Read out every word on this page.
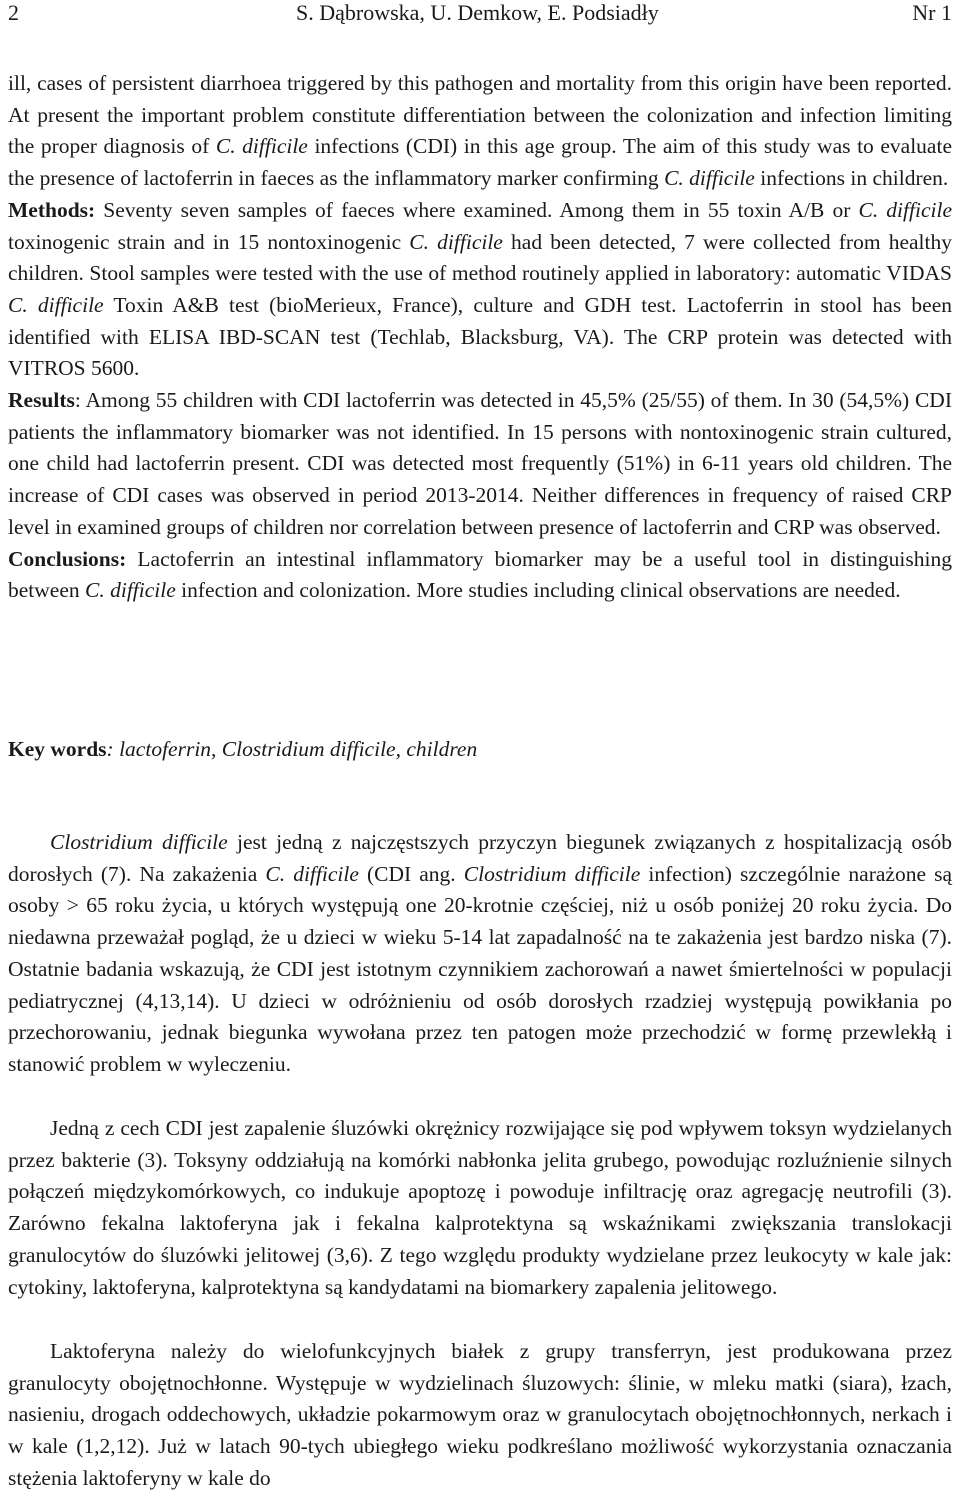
2	S. Dąbrowska, U. Demkow, E. Podsiadły	Nr 1

ill, cases of persistent diarrhoea triggered by this pathogen and mortality from this origin have been reported. At present the important problem constitute differentiation between the colonization and infection limiting the proper diagnosis of C. difficile infections (CDI) in this age group. The aim of this study was to evaluate the presence of lactoferrin in faeces as the inflammatory marker confirming C. difficile infections in children.
Methods: Seventy seven samples of faeces where examined. Among them in 55 toxin A/B or C. difficile toxinogenic strain and in 15 nontoxinogenic C. difficile had been detected, 7 were collected from healthy children. Stool samples were tested with the use of method routinely applied in laboratory: automatic VIDAS C. difficile Toxin A&B test (bioMerieux, France), culture and GDH test. Lactoferrin in stool has been identified with ELISA IBD-SCAN test (Techlab, Blacksburg, VA). The CRP protein was detected with VITROS 5600.
Results: Among 55 children with CDI lactoferrin was detected in 45,5% (25/55) of them. In 30 (54,5%) CDI patients the inflammatory biomarker was not identified. In 15 persons with nontoxinogenic strain cultured, one child had lactoferrin present. CDI was detected most frequently (51%) in 6-11 years old children. The increase of CDI cases was observed in period 2013-2014. Neither differences in frequency of raised CRP level in examined groups of children nor correlation between presence of lactoferrin and CRP was observed.
Conclusions: Lactoferrin an intestinal inflammatory biomarker may be a useful tool in distinguishing between C. difficile infection and colonization. More studies including clinical observations are needed.

Key words: lactoferrin, Clostridium difficile, children

Clostridium difficile jest jedną z najczęstszych przyczyn biegunek związanych z hospitalizacją osób dorosłych (7). Na zakażenia C. difficile (CDI ang. Clostridium difficile infection) szczególnie narażone są osoby > 65 roku życia, u których występują one 20-krotnie częściej, niż u osób poniżej 20 roku życia. Do niedawna przeważał pogląd, że u dzieci w wieku 5-14 lat zapadalność na te zakażenia jest bardzo niska (7). Ostatnie badania wskazują, że CDI jest istotnym czynnikiem zachorowań a nawet śmiertelności w populacji pediatrycznej (4,13,14). U dzieci w odróżnieniu od osób dorosłych rzadziej występują powikłania po przechorowaniu, jednak biegunka wywołana przez ten patogen może przechodzić w formę przewlekłą i stanowić problem w wyleczeniu.

Jedną z cech CDI jest zapalenie śluzówki okrężnicy rozwijające się pod wpływem toksyn wydzielanych przez bakterie (3). Toksyny oddziałują na komórki nabłonka jelita grubego, powodując rozluźnienie silnych połączeń międzykomórkowych, co indukuje apoptozę i powoduje infiltrację oraz agregację neutrofili (3). Zarówno fekalna laktoferyna jak i fekalna kalprotektyna są wskaźnikami zwiększania translokacji granulocytów do śluzówki jelitowej (3,6). Z tego względu produkty wydzielane przez leukocyty w kale jak: cytokiny, laktoferyna, kalprotektyna są kandydatami na biomarkery zapalenia jelitowego.

Laktoferyna należy do wielofunkcyjnych białek z grupy transferryn, jest produkowana przez granulocyty obojętnochłonne. Występuje w wydzielinach śluzowych: ślinie, w mleku matki (siara), łzach, nasieniu, drogach oddechowych, układzie pokarmowym oraz w granulocytach obojętnochłonnych, nerkach i w kale (1,2,12). Już w latach 90-tych ubiegłego wieku podkreślano możliwość wykorzystania oznaczania stężenia laktoferyny w kale do
